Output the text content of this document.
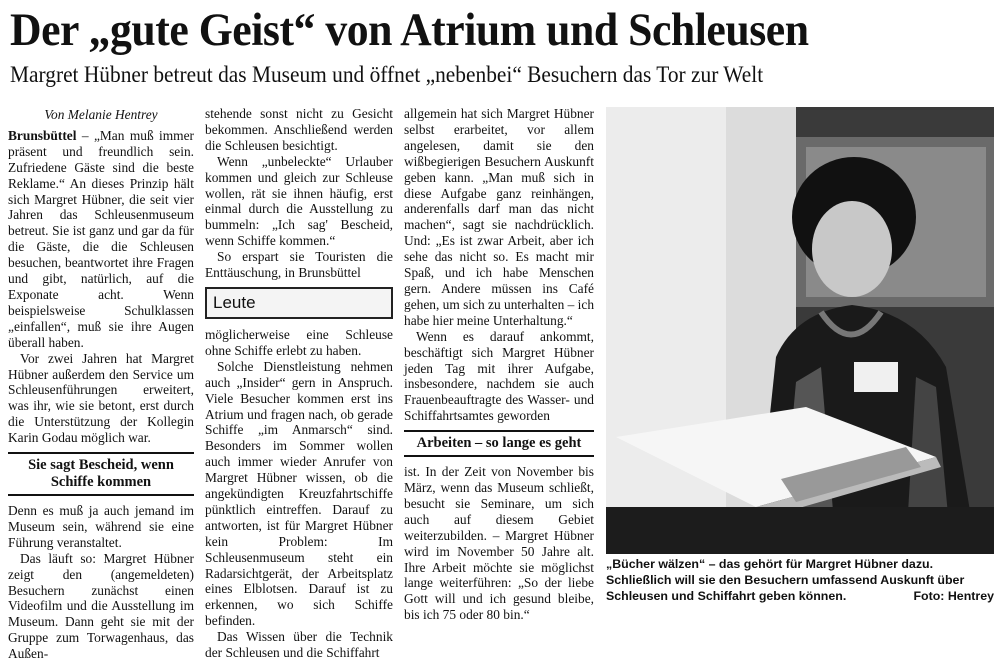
Der „gute Geist“ von Atrium und Schleusen
Margret Hübner betreut das Museum und öffnet „nebenbei“ Besuchern das Tor zur Welt
Von Melanie Hentrey

Brunsbüttel – „Man muß immer präsent und freundlich sein. Zufriedene Gäste sind die beste Reklame.“ An dieses Prinzip hält sich Margret Hübner, die seit vier Jahren das Schleusenmuseum betreut. Sie ist ganz und gar da für die Gäste, die die Schleusen besuchen, beantwortet ihre Fragen und gibt, natürlich, auf die Exponate acht. Wenn beispielsweise Schulklassen „einfallen“, muß sie ihre Augen überall haben.

Vor zwei Jahren hat Margret Hübner außerdem den Service um Schleusenführungen erweitert, was ihr, wie sie betont, erst durch die Unterstützung der Kollegin Karin Godau möglich war.

Sie sagt Bescheid, wenn Schiffe kommen

Denn es muß ja auch jemand im Museum sein, während sie eine Führung veranstaltet.

Das läuft so: Margret Hübner zeigt den (angemeldeten) Besuchern zunächst einen Videofilm und die Ausstellung im Museum. Dann geht sie mit der Gruppe zum Torwagenhaus, das Außen-

stehende sonst nicht zu Gesicht bekommen. Anschließend werden die Schleusen besichtigt.

Wenn „unbeleckte“ Urlauber kommen und gleich zur Schleuse wollen, rät sie ihnen häufig, erst einmal durch die Ausstellung zu bummeln: „Ich sag' Bescheid, wenn Schiffe kommen.“

So erspart sie Touristen die Enttäuschung, in Brunsbüttel

Leute

möglicherweise eine Schleuse ohne Schiffe erlebt zu haben.

Solche Dienstleistung nehmen auch „Insider“ gern in Anspruch. Viele Besucher kommen erst ins Atrium und fragen nach, ob gerade Schiffe „im Anmarsch“ sind. Besonders im Sommer wollen auch immer wieder Anrufer von Margret Hübner wissen, ob die angekündigten Kreuzfahrtschiffe pünktlich eintreffen. Darauf zu antworten, ist für Margret Hübner kein Problem: Im Schleusenmuseum steht ein Radarsichtgerät, der Arbeitsplatz eines Elblotsen. Darauf ist zu erkennen, wo sich Schiffe befinden.

Das Wissen über die Technik der Schleusen und die Schiffahrt

allgemein hat sich Margret Hübner selbst erarbeitet, vor allem angelesen, damit sie den wißbegierigen Besuchern Auskunft geben kann. „Man muß sich in diese Aufgabe ganz reinhängen, anderenfalls darf man das nicht machen“, sagt sie nachdrücklich. Und: „Es ist zwar Arbeit, aber ich sehe das nicht so. Es macht mir Spaß, und ich habe Menschen gern. Andere müssen ins Café gehen, um sich zu unterhalten – ich habe hier meine Unterhaltung.“

Wenn es darauf ankommt, beschäftigt sich Margret Hübner jeden Tag mit ihrer Aufgabe, insbesondere, nachdem sie auch Frauenbeauftragte des Wasser- und Schiffahrtsamtes geworden

Arbeiten – so lange es geht

ist. In der Zeit von November bis März, wenn das Museum schließt, besucht sie Seminare, um sich auch auf diesem Gebiet weiterzubilden. – Margret Hübner wird im November 50 Jahre alt. Ihre Arbeit möchte sie möglichst lange weiterführen: „So der liebe Gott will und ich gesund bleibe, bis ich 75 oder 80 bin.“

„Bücher wälzen“ – das gehört für Margret Hübner dazu. Schließlich will sie den Besuchern umfassend Auskunft über Schleusen und Schiffahrt geben können.	Foto: Hentrey
